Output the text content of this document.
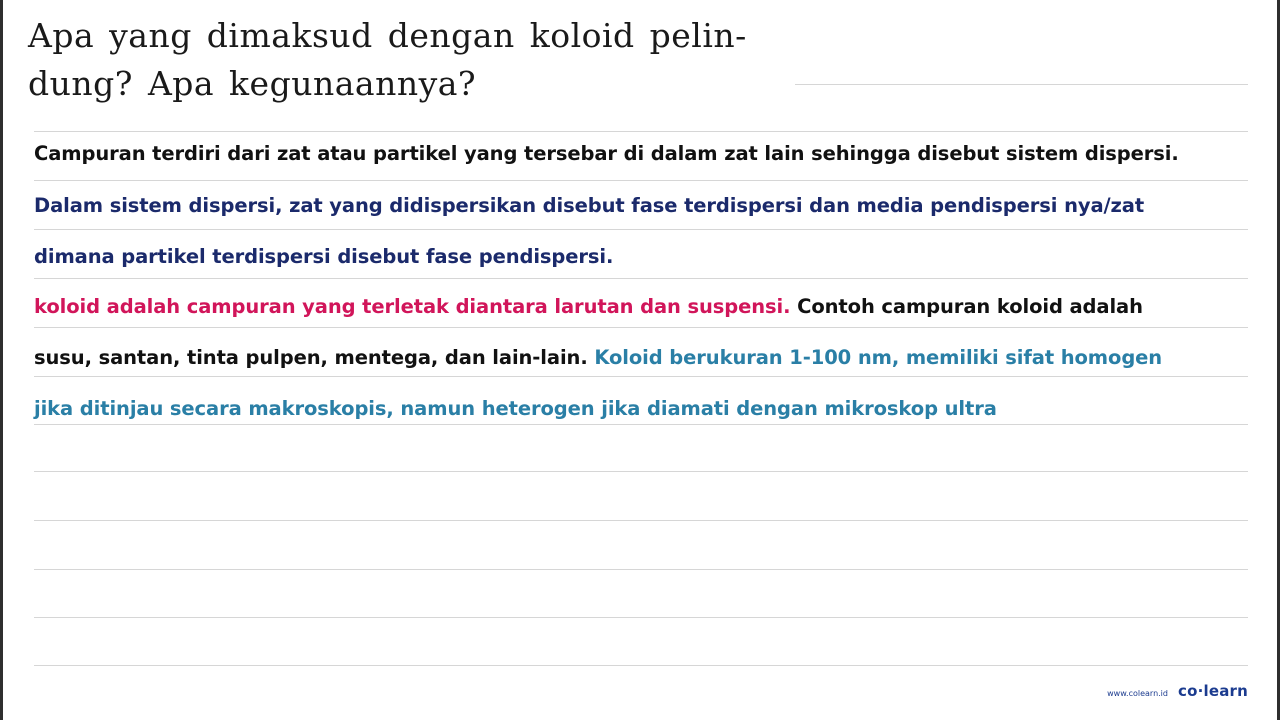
Apa yang dimaksud dengan koloid pelin-
dung? Apa kegunaannya?
Campuran terdiri dari zat atau partikel yang tersebar di dalam zat lain sehingga disebut sistem dispersi.
Dalam sistem dispersi, zat yang didispersikan disebut fase terdispersi dan media pendispersi nya/zat
dimana partikel terdispersi disebut fase pendispersi.
koloid adalah campuran yang terletak diantara larutan dan suspensi. Contoh campuran koloid adalah
susu, santan, tinta pulpen, mentega, dan lain-lain. Koloid berukuran 1-100 nm, memiliki sifat homogen
jika ditinjau secara makroskopis, namun heterogen jika diamati dengan mikroskop ultra
www.colearn.id co·learn
